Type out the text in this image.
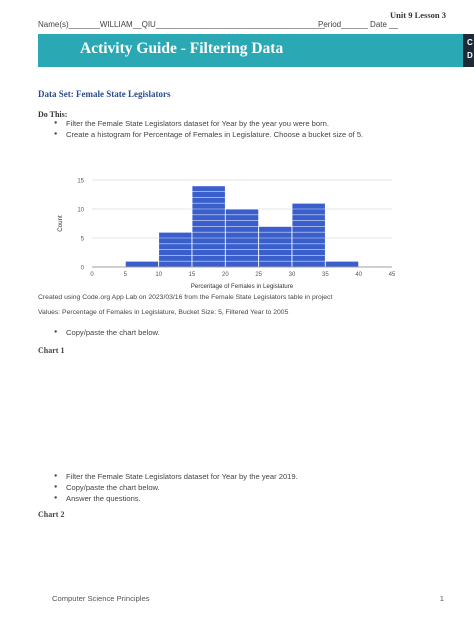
Unit 9 Lesson 3
Name(s)_______WILLIAM__QIU______________________________________
Period______ Date __
Activity Guide - Filtering Data	C
D
Data Set: Female State Legislators
Do This:
● Filter the Female State Legislators dataset for Year by the year you were born.
● Create a histogram for Percentage of Females in Legislature. Choose a bucket size of 5.
0
5
10
15
0	5	10	15	20	25	30	35	40	45
Percentage of Females in Legislature
Count
Created using Code.org App Lab on 2023/03/16 from the Female State Legislators table in project
Values: Percentage of Females in Legislature, Bucket Size: 5, Filtered Year to 2005
● Copy/paste the chart below.
Chart 1
● Filter the Female State Legislators dataset for Year by the year 2019.
● Copy/paste the chart below.
● Answer the questions.
Chart 2
Computer Science Principles	1
